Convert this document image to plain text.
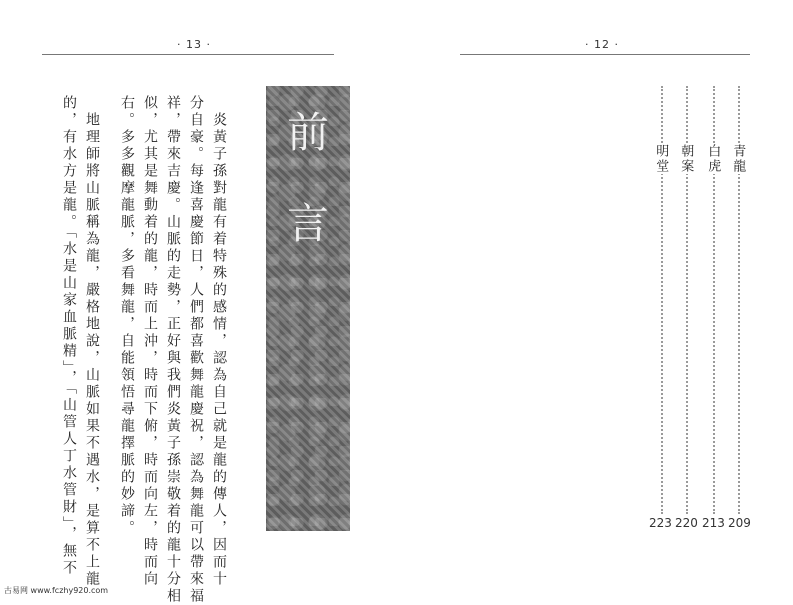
· 13 ·
前
言
炎黃子孫對龍有着特殊的感情，認為自己就是龍的傳人，因而十
分自豪。每逢喜慶節日，人們都喜歡舞龍慶祝，認為舞龍可以帶來福
祥，帶來吉慶。山脈的走勢，正好與我們炎黃子孫崇敬着的龍十分相
似，尤其是舞動着的龍，時而上沖，時而下俯，時而向左，時而向
右。多多觀摩龍脈，多看舞龍，自能領悟尋龍擇脈的妙諦。
地理師將山脈稱為龍，嚴格地說，山脈如果不遇水，是算不上龍
的，有水方是龍。「水是山家血脈精」，「山管人丁水管財」，無不
· 12 ·
青龍
白虎
朝案
明堂
209
213
220
223
古易网 www.fczhy920.com
